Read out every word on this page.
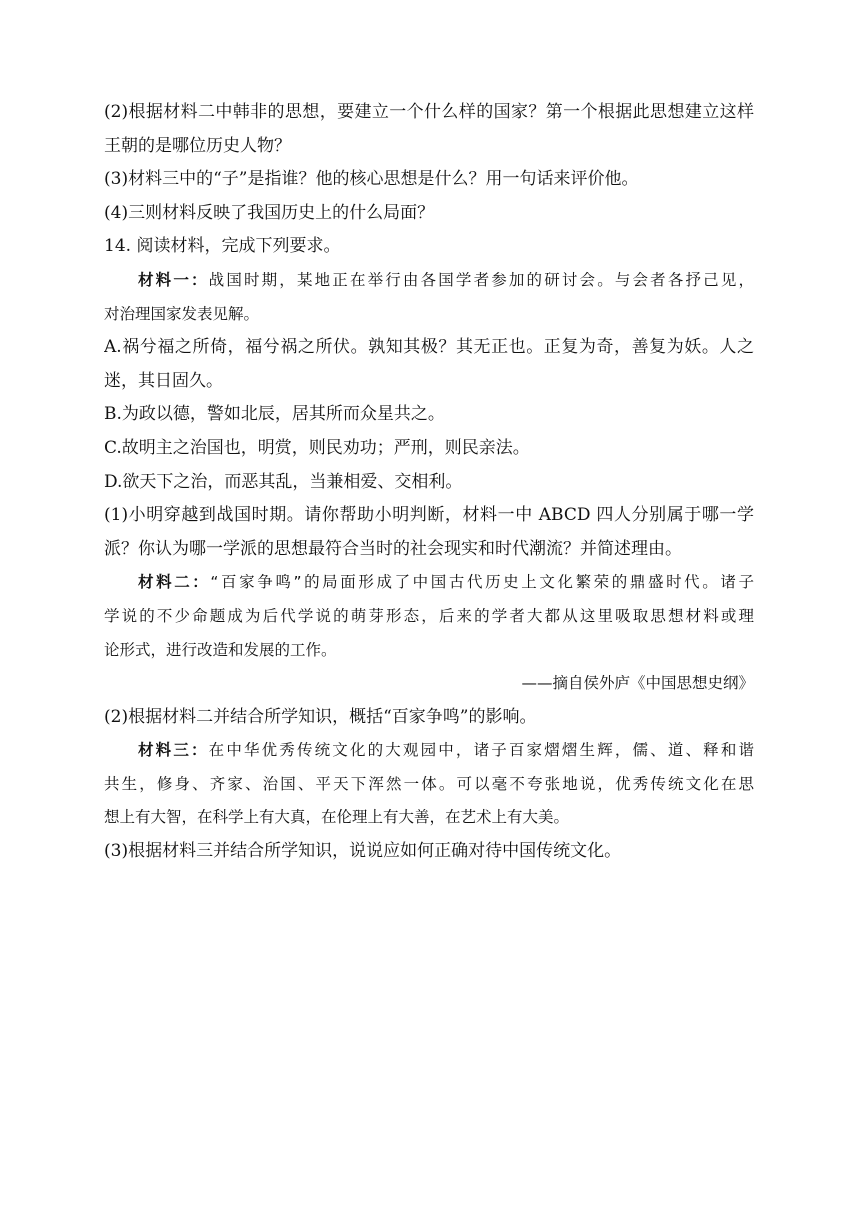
(2)根据材料二中韩非的思想，要建立一个什么样的国家？第一个根据此思想建立这样
王朝的是哪位历史人物？
(3)材料三中的“子”是指谁？他的核心思想是什么？用一句话来评价他。
(4)三则材料反映了我国历史上的什么局面？
14. 阅读材料，完成下列要求。
材料一：战国时期，某地正在举行由各国学者参加的研讨会。与会者各抒己见，
对治理国家发表见解。
A.祸兮福之所倚，福兮祸之所伏。孰知其极？其无正也。正复为奇，善复为妖。人之
迷，其日固久。
B.为政以德，警如北辰，居其所而众星共之。
C.故明主之治国也，明赏，则民劝功；严刑，则民亲法。
D.欲天下之治，而恶其乱，当兼相爱、交相利。
(1)小明穿越到战国时期。请你帮助小明判断，材料一中 ABCD 四人分别属于哪一学
派？你认为哪一学派的思想最符合当时的社会现实和时代潮流？并简述理由。
材料二：“百家争鸣”的局面形成了中国古代历史上文化繁荣的鼎盛时代。诸子
学说的不少命题成为后代学说的萌芽形态，后来的学者大都从这里吸取思想材料或理
论形式，进行改造和发展的工作。
——摘自侯外庐《中国思想史纲》
(2)根据材料二并结合所学知识，概括“百家争鸣”的影响。
材料三：在中华优秀传统文化的大观园中，诸子百家熠熠生辉，儒、道、释和谐
共生，修身、齐家、治国、平天下浑然一体。可以毫不夸张地说，优秀传统文化在思
想上有大智，在科学上有大真，在伦理上有大善，在艺术上有大美。
(3)根据材料三并结合所学知识，说说应如何正确对待中国传统文化。
